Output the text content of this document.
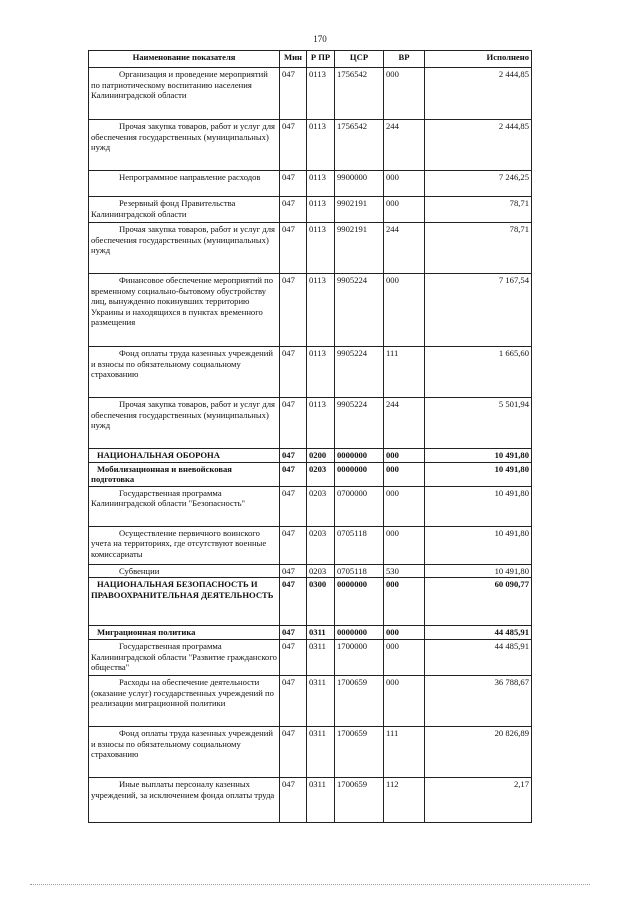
170
Наименование показателя	Мин	Р ПР	ЦСР	ВР	Исполнено
Организация и проведение мероприятий по патриотическому воспитанию населения Калининградской области	047	0113	1756542	000	2 444,85
Прочая закупка товаров, работ и услуг для обеспечения государственных (муниципальных) нужд	047	0113	1756542	244	2 444,85
Непрограммное направление расходов	047	0113	9900000	000	7 246,25
Резервный фонд Правительства Калининградской области	047	0113	9902191	000	78,71
Прочая закупка товаров, работ и услуг для обеспечения государственных (муниципальных) нужд	047	0113	9902191	244	78,71
Финансовое обеспечение мероприятий по временному социально-бытовому обустройству лиц, вынужденно покинувших территорию Украины и находящихся в пунктах временного размещения	047	0113	9905224	000	7 167,54
Фонд оплаты труда казенных учреждений и взносы по обязательному социальному страхованию	047	0113	9905224	111	1 665,60
Прочая закупка товаров, работ и услуг для обеспечения государственных (муниципальных) нужд	047	0113	9905224	244	5 501,94
НАЦИОНАЛЬНАЯ ОБОРОНА	047	0200	0000000	000	10 491,80
Мобилизационная и вневойсковая подготовка	047	0203	0000000	000	10 491,80
Государственная программа Калининградской области "Безопасность"	047	0203	0700000	000	10 491,80
Осуществление первичного воинского учета на территориях, где отсутствуют военные комиссариаты	047	0203	0705118	000	10 491,80
Субвенции	047	0203	0705118	530	10 491,80
НАЦИОНАЛЬНАЯ БЕЗОПАСНОСТЬ И ПРАВООХРАНИТЕЛЬНАЯ ДЕЯТЕЛЬНОСТЬ	047	0300	0000000	000	60 090,77
Миграционная политика	047	0311	0000000	000	44 485,91
Государственная программа Калининградской области "Развитие гражданского общества"	047	0311	1700000	000	44 485,91
Расходы на обеспечение деятельности (оказание услуг) государственных учреждений по реализации миграционной политики	047	0311	1700659	000	36 788,67
Фонд оплаты труда казенных учреждений и взносы по обязательному социальному страхованию	047	0311	1700659	111	20 826,89
Иные выплаты персоналу казенных учреждений, за исключением фонда оплаты труда	047	0311	1700659	112	2,17
